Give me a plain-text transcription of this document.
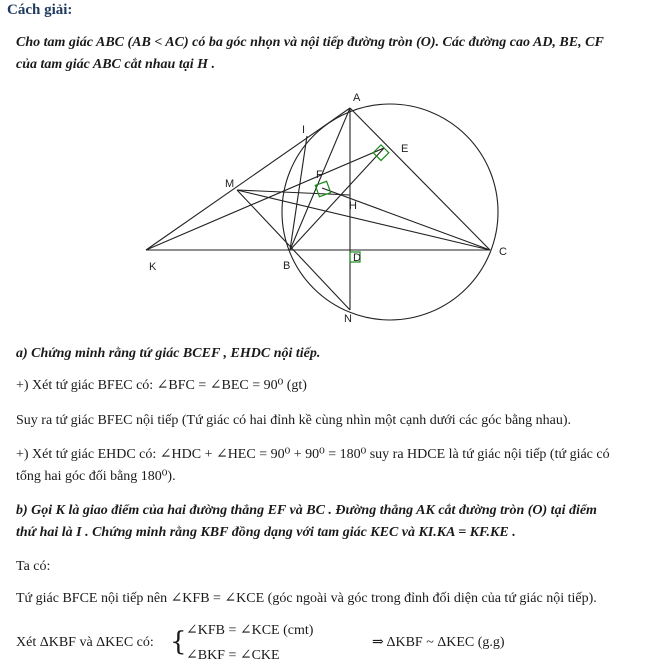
Cách giải:
Cho tam giác ABC (AB < AC) có ba góc nhọn và nội tiếp đường tròn (O). Các đường cao AD, BE, CF
của tam giác ABC cắt nhau tại H .
A
E
I
M
F
H
K	B
D	C
N
a) Chứng minh rằng tứ giác BCEF , EHDC nội tiếp.
+) Xét tứ giác BFEC có: ∠BFC = ∠BEC = 90⁰ (gt)
Suy ra tứ giác BFEC nội tiếp (Tứ giác có hai đỉnh kề cùng nhìn một cạnh dưới các góc bằng nhau).
+) Xét tứ giác EHDC có: ∠HDC + ∠HEC = 90⁰ + 90⁰ = 180⁰ suy ra HDCE là tứ giác nội tiếp (tứ giác có
tổng hai góc đối bằng 180⁰).
b) Gọi K là giao điểm của hai đường thẳng EF và BC . Đường thẳng AK cắt đường tròn (O) tại điểm
thứ hai là I . Chứng minh rằng KBF đồng dạng với tam giác KEC và KI.KA = KF.KE .
Ta có:
Tứ giác BFCE nội tiếp nên ∠KFB = ∠KCE (góc ngoài và góc trong đỉnh đối diện của tứ giác nội tiếp).
Xét ΔKBF và ΔKEC có: { ∠KFB = ∠KCE (cmt)
∠BKF = ∠CKE
⇒ ΔKBF ~ ΔKEC (g.g)
